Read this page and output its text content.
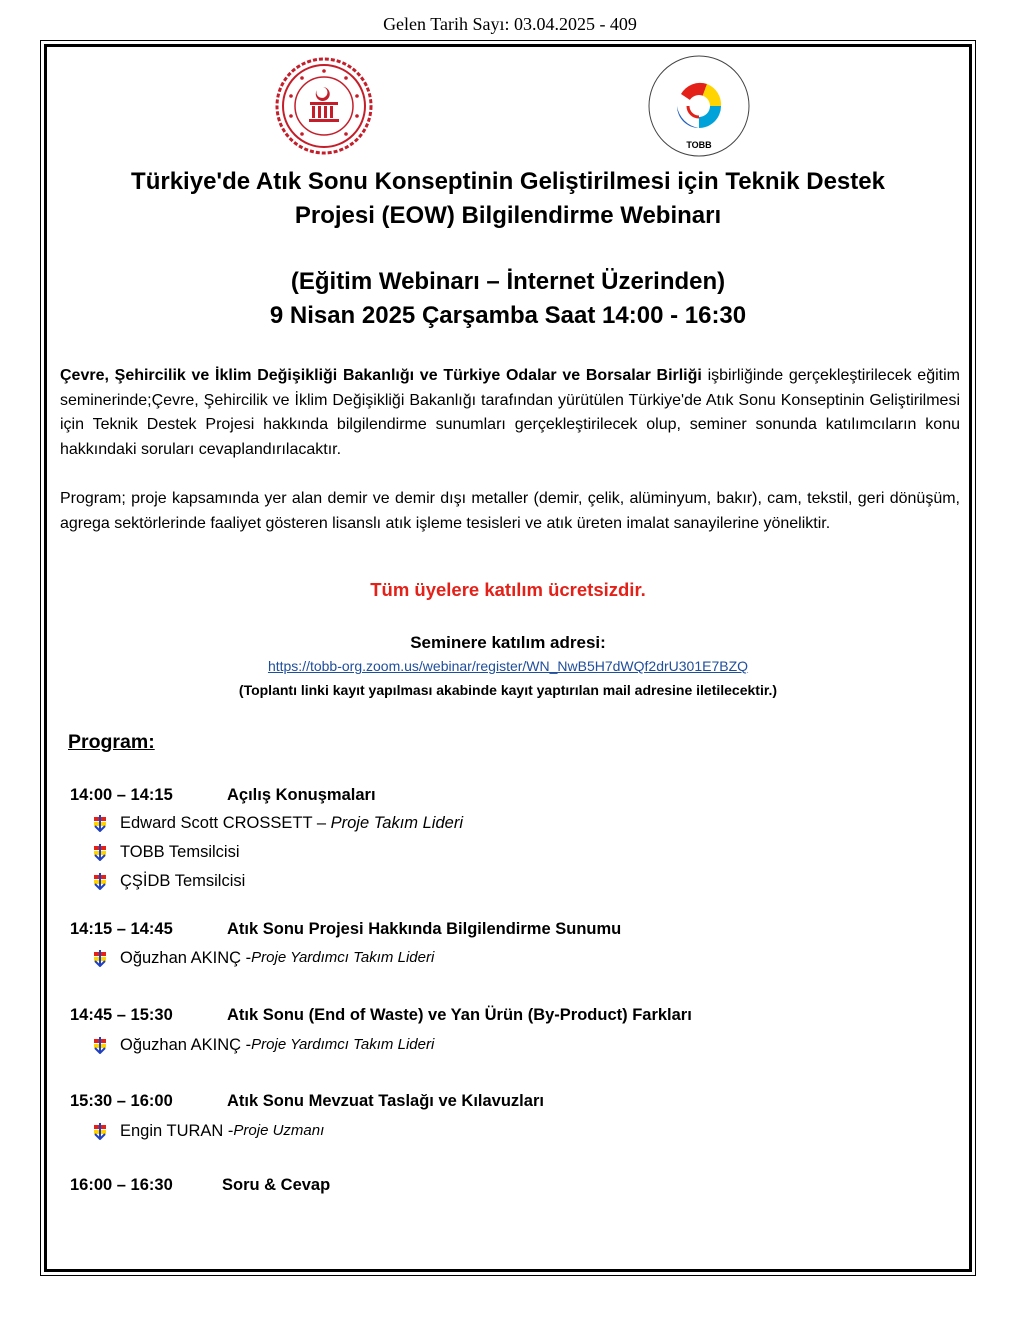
Gelen Tarih Sayı: 03.04.2025 - 409
TOBB
Türkiye'de Atık Sonu Konseptinin Geliştirilmesi için Teknik Destek
Projesi (EOW) Bilgilendirme Webinarı
(Eğitim Webinarı – İnternet Üzerinden)
9 Nisan 2025 Çarşamba Saat 14:00 - 16:30
Çevre, Şehircilik ve İklim Değişikliği Bakanlığı ve Türkiye Odalar ve Borsalar Birliği işbirliğinde gerçekleştirilecek eğitim seminerinde;Çevre, Şehircilik ve İklim Değişikliği Bakanlığı tarafından yürütülen Türkiye'de Atık Sonu Konseptinin Geliştirilmesi için Teknik Destek Projesi hakkında bilgilendirme sunumları gerçekleştirilecek olup, seminer sonunda katılımcıların konu hakkındaki soruları cevaplandırılacaktır.
Program; proje kapsamında yer alan demir ve demir dışı metaller (demir, çelik, alüminyum, bakır), cam, tekstil, geri dönüşüm, agrega sektörlerinde faaliyet gösteren lisanslı atık işleme tesisleri ve atık üreten imalat sanayilerine yöneliktir.
Tüm üyelere katılım ücretsizdir.
Seminere katılım adresi:
https://tobb-org.zoom.us/webinar/register/WN_NwB5H7dWQf2drU301E7BZQ
(Toplantı linki kayıt yapılması akabinde kayıt yaptırılan mail adresine iletilecektir.)
Program:
14:00 – 14:15	Açılış Konuşmaları
Edward Scott CROSSETT –
Proje Takım Lideri
TOBB Temsilcisi
ÇŞİDB Temsilcisi
14:15 – 14:45	Atık Sonu Projesi Hakkında Bilgilendirme Sunumu
Oğuzhan AKINÇ - Proje Yardımcı Takım Lideri
14:45 – 15:30	Atık Sonu (End of Waste) ve Yan Ürün (By-Product) Farkları
Oğuzhan AKINÇ - Proje Yardımcı Takım Lideri
15:30 – 16:00	Atık Sonu Mevzuat Taslağı ve Kılavuzları
Engin TURAN - Proje Uzmanı
16:00 – 16:30	Soru & Cevap
